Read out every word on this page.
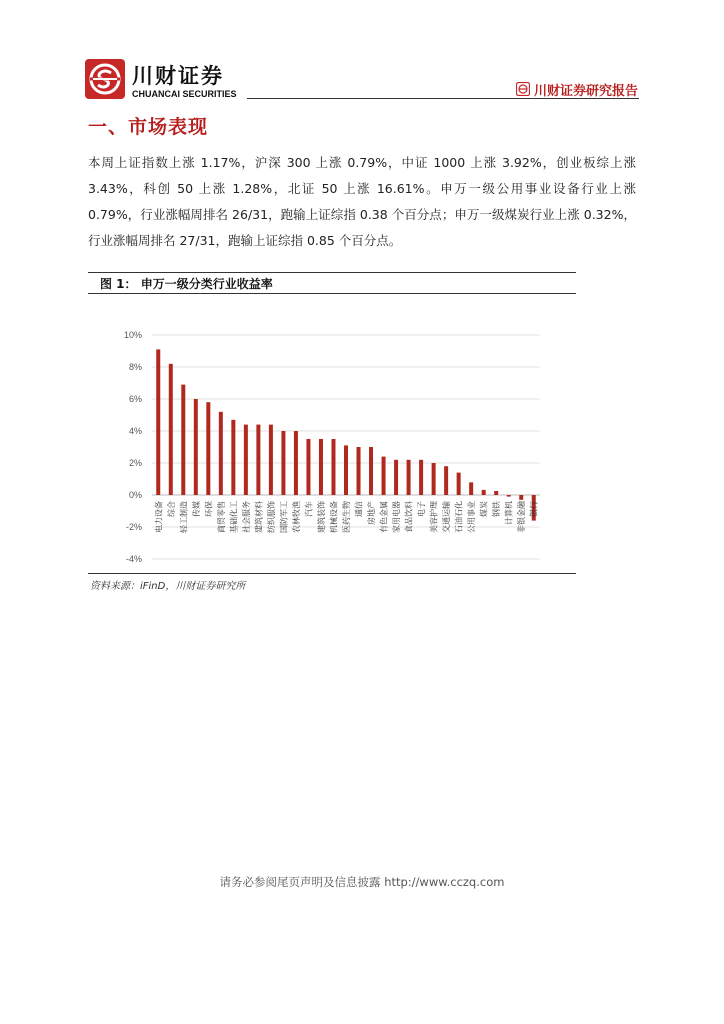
川财证券
CHUANCAI SECURITIES	川财证券研究报告
一、市场表现
本周上证指数上涨 1.17%，沪深 300 上涨 0.79%，中证 1000 上涨 3.92%，创业板综上涨 3.43%，科创 50 上涨 1.28%，北证 50 上涨 16.61%。申万一级公用事业设备行业上涨 0.79%，行业涨幅周排名 26/31，跑输上证综指 0.38 个百分点；申万一级煤炭行业上涨 0.32%，行业涨幅周排名 27/31，跑输上证综指 0.85 个百分点。
图 1： 申万一级分类行业收益率
10%
8%
6%
4%
2%
0%
-2%
-4%
电力设备 综合 轻工制造 传媒 环保 商贸零售 基础化工 社会服务 建筑材料 纺织服饰 国防军工 农林牧渔 汽车 建筑装饰 机械设备 医药生物 通信 房地产 有色金属 家用电器 食品饮料 电子 美容护理 交通运输 石油石化 公用事业 煤炭 钢铁 计算机 非银金融 银行
资料来源：iFinD，川财证券研究所
请务必参阅尾页声明及信息披露 http://www.cczq.com
